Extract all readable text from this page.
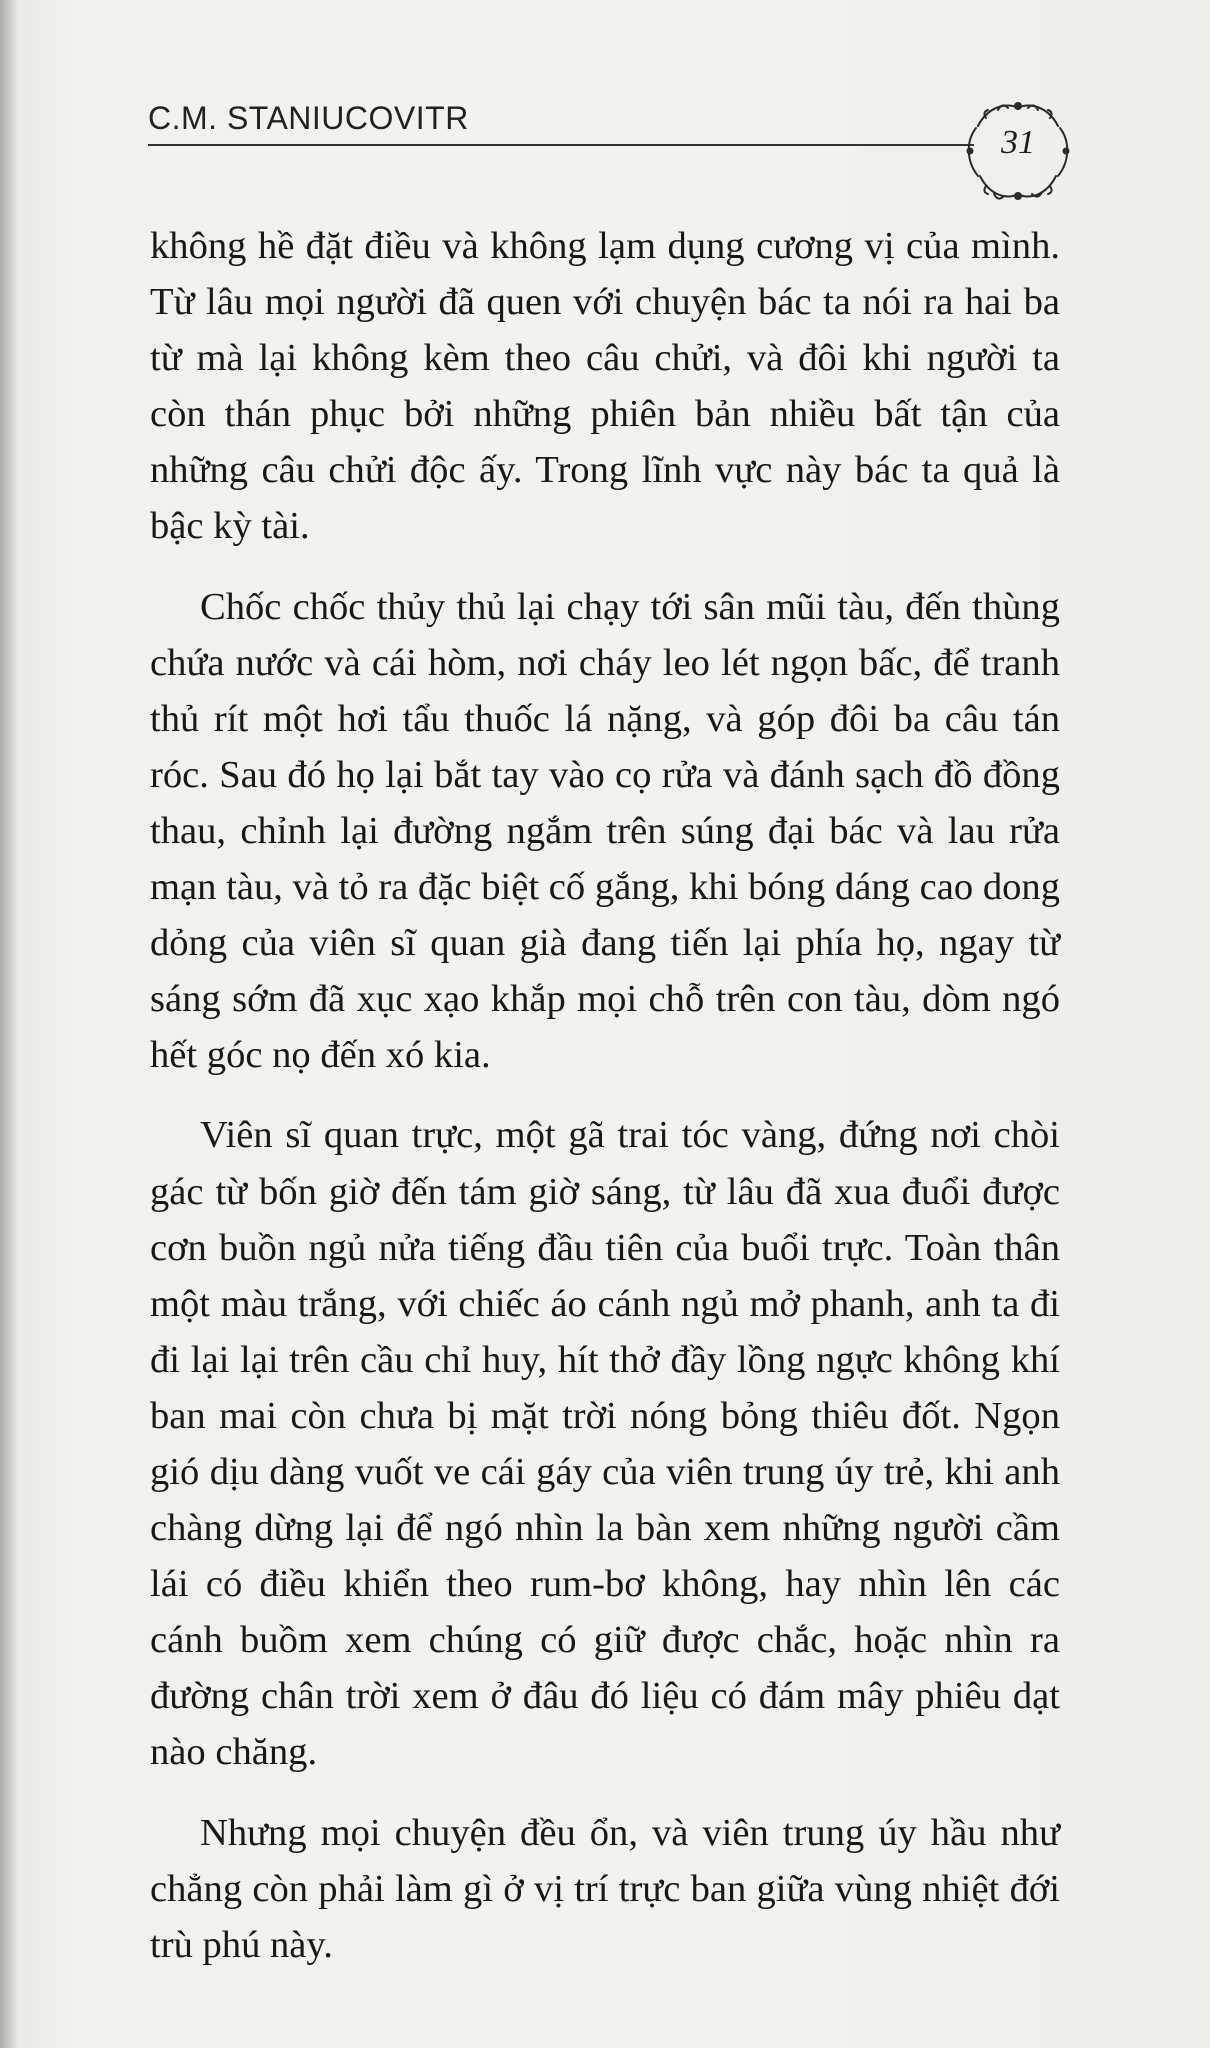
C.M. STANIUCOVITR
31

không hề đặt điều và không lạm dụng cương vị của mình. Từ lâu mọi người đã quen với chuyện bác ta nói ra hai ba từ mà lại không kèm theo câu chửi, và đôi khi người ta còn thán phục bởi những phiên bản nhiều bất tận của những câu chửi độc ấy. Trong lĩnh vực này bác ta quả là bậc kỳ tài.

Chốc chốc thủy thủ lại chạy tới sân mũi tàu, đến thùng chứa nước và cái hòm, nơi cháy leo lét ngọn bấc, để tranh thủ rít một hơi tẩu thuốc lá nặng, và góp đôi ba câu tán róc. Sau đó họ lại bắt tay vào cọ rửa và đánh sạch đồ đồng thau, chỉnh lại đường ngắm trên súng đại bác và lau rửa mạn tàu, và tỏ ra đặc biệt cố gắng, khi bóng dáng cao dong dỏng của viên sĩ quan già đang tiến lại phía họ, ngay từ sáng sớm đã xục xạo khắp mọi chỗ trên con tàu, dòm ngó hết góc nọ đến xó kia.

Viên sĩ quan trực, một gã trai tóc vàng, đứng nơi chòi gác từ bốn giờ đến tám giờ sáng, từ lâu đã xua đuổi được cơn buồn ngủ nửa tiếng đầu tiên của buổi trực. Toàn thân một màu trắng, với chiếc áo cánh ngủ mở phanh, anh ta đi đi lại lại trên cầu chỉ huy, hít thở đầy lồng ngực không khí ban mai còn chưa bị mặt trời nóng bỏng thiêu đốt. Ngọn gió dịu dàng vuốt ve cái gáy của viên trung úy trẻ, khi anh chàng dừng lại để ngó nhìn la bàn xem những người cầm lái có điều khiển theo rum-bơ không, hay nhìn lên các cánh buồm xem chúng có giữ được chắc, hoặc nhìn ra đường chân trời xem ở đâu đó liệu có đám mây phiêu dạt nào chăng.

Nhưng mọi chuyện đều ổn, và viên trung úy hầu như chẳng còn phải làm gì ở vị trí trực ban giữa vùng nhiệt đới trù phú này.
